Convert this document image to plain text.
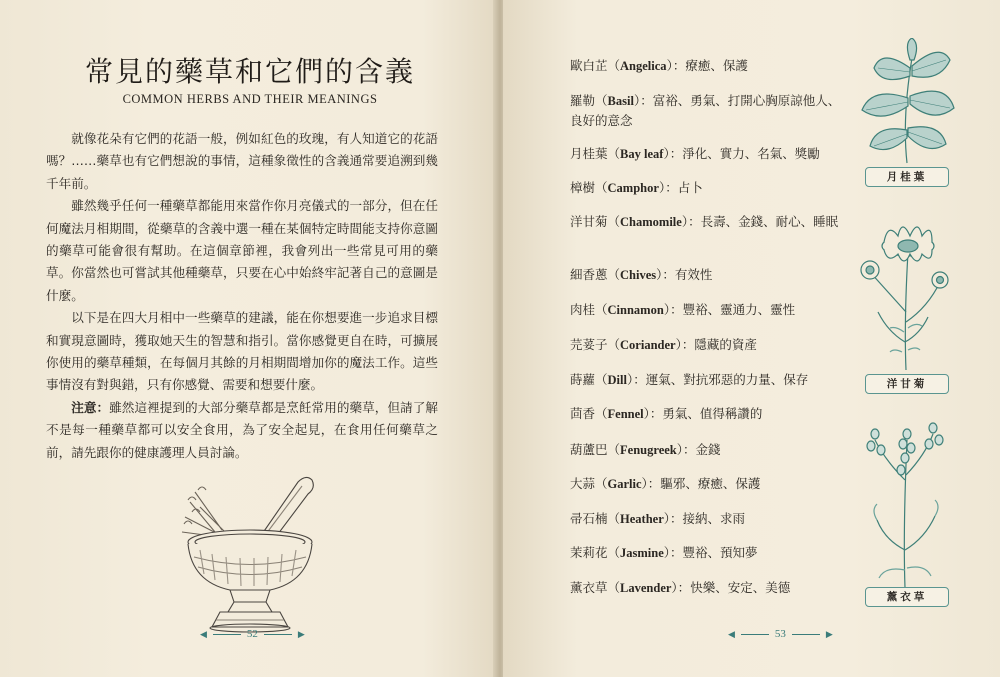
常見的藥草和它們的含義
COMMON HERBS AND THEIR MEANINGS

就像花朵有它們的花語一般，例如紅色的玫瑰，有人知道它的花語嗎？……藥草也有它們想說的事情，這種象徵性的含義通常要追溯到幾千年前。

雖然幾乎任何一種藥草都能用來當作你月亮儀式的一部分，但在任何魔法月相期間，從藥草的含義中選一種在某個特定時間能支持你意圖的藥草可能會很有幫助。在這個章節裡，我會列出一些常見可用的藥草。你當然也可嘗試其他種藥草，只要在心中始終牢記著自己的意圖是什麼。

以下是在四大月相中一些藥草的建議，能在你想要進一步追求目標和實現意圖時，獲取她天生的智慧和指引。當你感覺更自在時，可擴展你使用的藥草種類，在每個月其餘的月相期間增加你的魔法工作。這些事情沒有對與錯，只有你感覺、需要和想要什麼。

注意：雖然這裡提到的大部分藥草都是烹飪常用的藥草，但請了解不是每一種藥草都可以安全食用，為了安全起見，在食用任何藥草之前，請先跟你的健康護理人員討論。

◀	52	▶
歐白芷（Angelica）：療癒、保護
羅勒（Basil）：富裕、勇氣、打開心胸原諒他人、良好的意念
月桂葉（Bay leaf）：淨化、實力、名氣、獎勵
樟樹（Camphor）：占卜
洋甘菊（Chamomile）：長壽、金錢、耐心、睡眠
細香蔥（Chives）：有效性
肉桂（Cinnamon）：豐裕、靈通力、靈性
芫荽子（Coriander）：隱藏的資產
蒔蘿（Dill）：運氣、對抗邪惡的力量、保存
茴香（Fennel）：勇氣、值得稱讚的
葫蘆巴（Fenugreek）：金錢
大蒜（Garlic）：驅邪、療癒、保護
帚石楠（Heather）：接納、求雨
茉莉花（Jasmine）：豐裕、預知夢
薰衣草（Lavender）：快樂、安定、美德
月桂葉
洋甘菊
薰衣草
◀	53	▶
